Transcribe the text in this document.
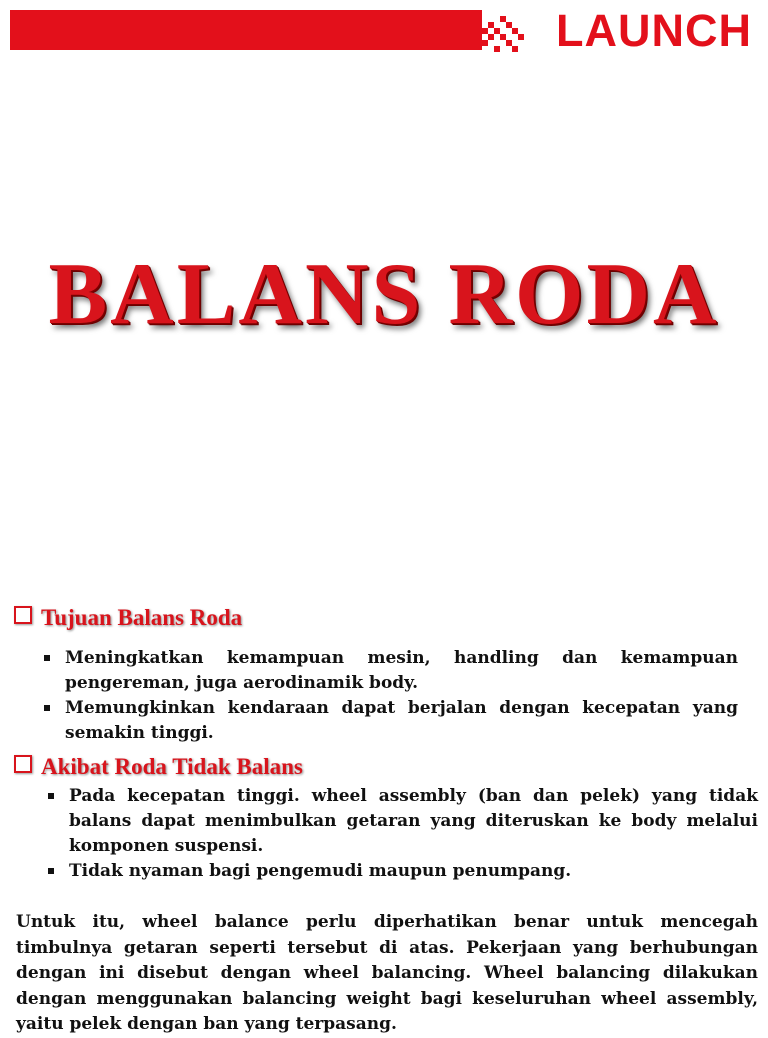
LAUNCH
BALANS RODA
Tujuan Balans Roda
Meningkatkan kemampuan mesin, handling dan kemampuan pengereman, juga aerodinamik body.
Memungkinkan kendaraan dapat berjalan dengan kecepatan yang semakin tinggi.
Akibat Roda Tidak Balans
Pada kecepatan tinggi. wheel assembly (ban dan pelek) yang tidak balans dapat menimbulkan getaran yang diteruskan ke body melalui komponen suspensi.
Tidak nyaman bagi pengemudi maupun penumpang.

Untuk itu, wheel balance perlu diperhatikan benar untuk mencegah timbulnya getaran seperti tersebut di atas. Pekerjaan yang berhubungan dengan ini disebut dengan wheel balancing. Wheel balancing dilakukan dengan menggunakan balancing weight bagi keseluruhan wheel assembly, yaitu pelek dengan ban yang terpasang.
